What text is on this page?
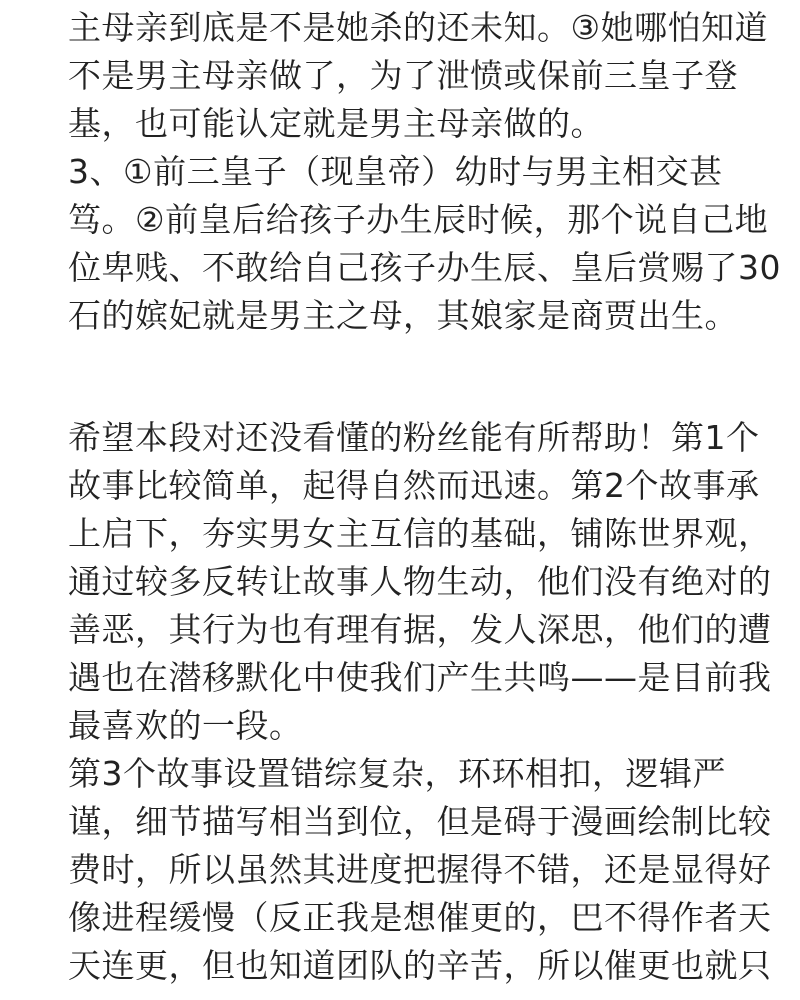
主母亲到底是不是她杀的还未知。③她哪怕知道
不是男主母亲做了，为了泄愤或保前三皇子登
基，也可能认定就是男主母亲做的。
3、①前三皇子（现皇帝）幼时与男主相交甚
笃。②前皇后给孩子办生辰时候，那个说自己地
位卑贱、不敢给自己孩子办生辰、皇后赏赐了30
石的嫔妃就是男主之母，其娘家是商贾出生。
希望本段对还没看懂的粉丝能有所帮助！第1个
故事比较简单，起得自然而迅速。第2个故事承
上启下，夯实男女主互信的基础，铺陈世界观，
通过较多反转让故事人物生动，他们没有绝对的
善恶，其行为也有理有据，发人深思，他们的遭
遇也在潜移默化中使我们产生共鸣——是目前我
最喜欢的一段。
第3个故事设置错综复杂，环环相扣，逻辑严
谨，细节描写相当到位，但是碍于漫画绘制比较
费时，所以虽然其进度把握得不错，还是显得好
像进程缓慢（反正我是想催更的，巴不得作者天
天连更，但也知道团队的辛苦，所以催更也就只
